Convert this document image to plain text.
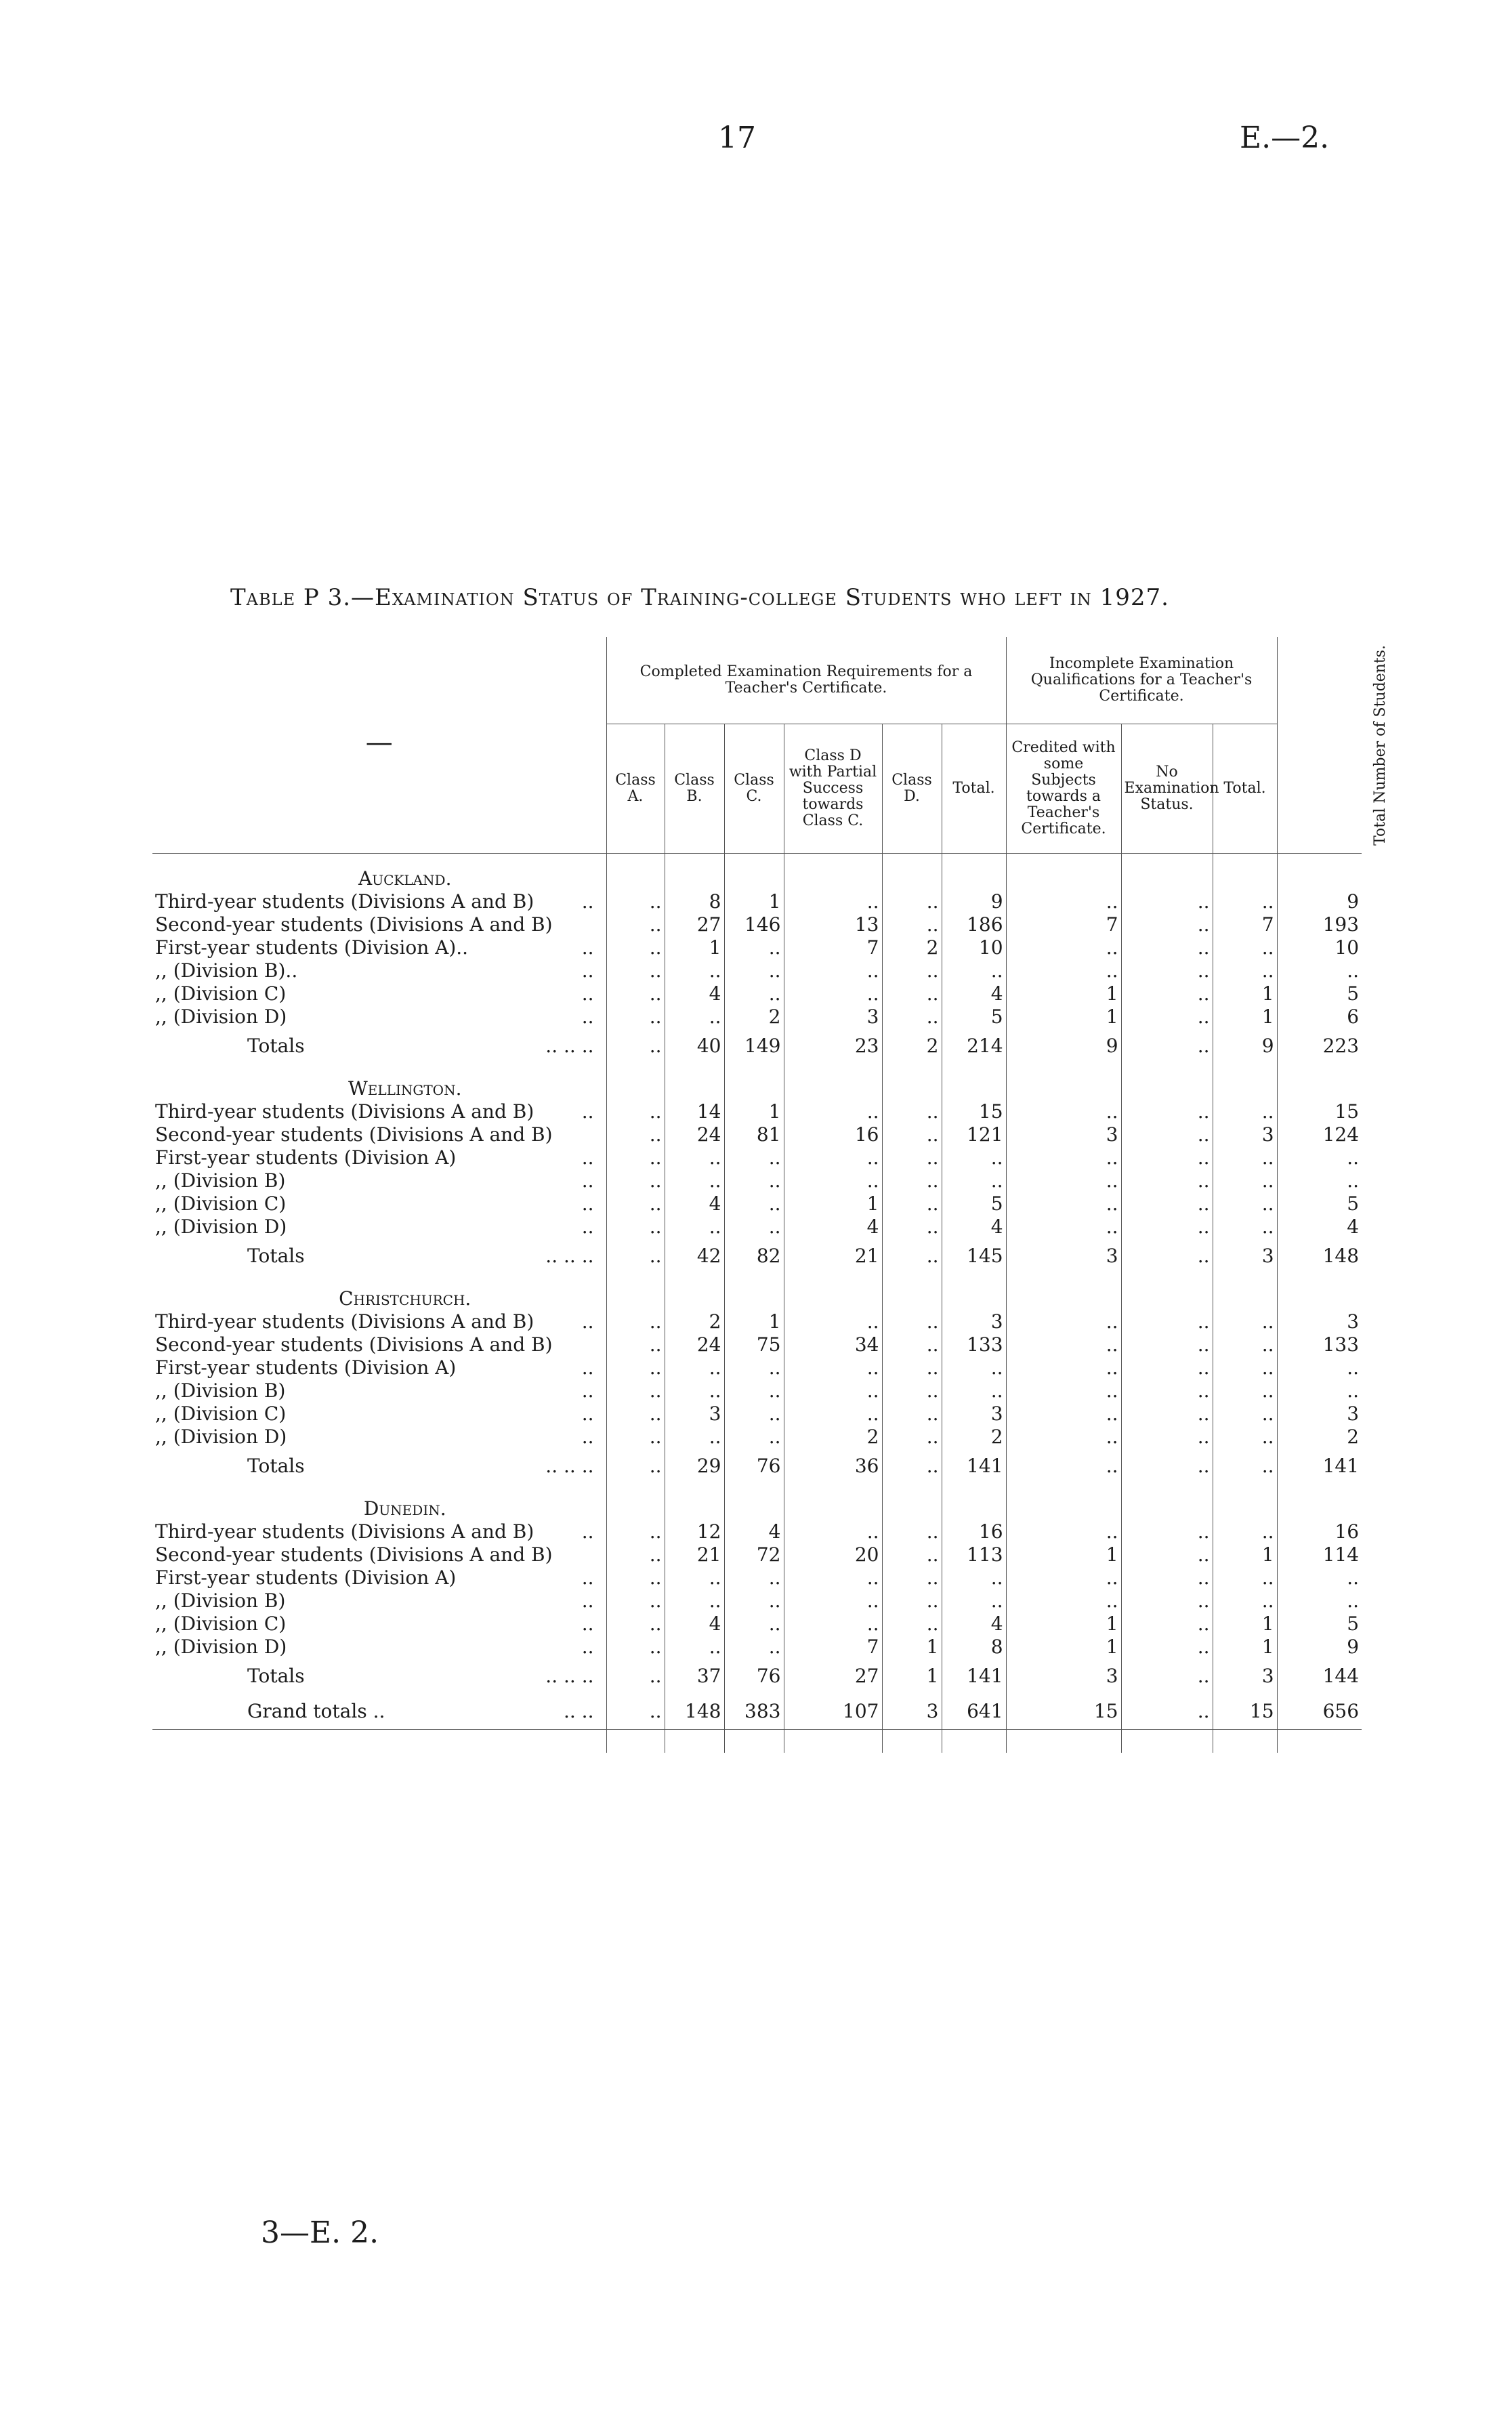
17	E.—2.
Table P 3.—Examination Status of Training-college Students who left in 1927.
—	Completed Examination Requirements for a Teacher's Certificate.						Incomplete Examination Qualifications for a Teacher's Certificate.			Total Number of Students.
	Class A.	Class B.	Class C.	Class D with Partial Success towards Class C.	Class D.	Total.	Credited with some Subjects towards a Teacher's Certificate.	No Examination Status.	Total.	

Auckland.										
Third-year students (Divisions A and B) ..	..	8	1	..	..	9	..	..	..	9
Second-year students (Divisions A and B)	..	27	146	13	..	186	7	..	7	193
First-year students (Division A).. ..	..	1	..	7	2	10	..	..	..	10
,, (Division B).. ..	..	..	..	..	..	..	..	..	..	..
,, (Division C) ..	..	4	..	..	..	4	1	..	1	5
,, (Division D) ..	..	..	2	3	..	5	1	..	1	6
Totals .. .. ..	..	40	149	23	2	214	9	..	9	223

Wellington.										
Third-year students (Divisions A and B) ..	..	14	1	..	..	15	..	..	..	15
Second-year students (Divisions A and B)	..	24	81	16	..	121	3	..	3	124
First-year students (Division A) ..	..	..	..	..	..	..	..	..	..	..
,, (Division B) ..	..	..	..	..	..	..	..	..	..	..
,, (Division C) ..	..	4	..	1	..	5	..	..	..	5
,, (Division D) ..	..	..	..	4	..	4	..	..	..	4
Totals .. .. ..	..	42	82	21	..	145	3	..	3	148

Christchurch.										
Third-year students (Divisions A and B) ..	..	2	1	..	..	3	..	..	..	3
Second-year students (Divisions A and B)	..	24	75	34	..	133	..	..	..	133
First-year students (Division A) ..	..	..	..	..	..	..	..	..	..	..
,, (Division B) ..	..	..	..	..	..	..	..	..	..	..
,, (Division C) ..	..	3	..	..	..	3	..	..	..	3
,, (Division D) ..	..	..	..	2	..	2	..	..	..	2
Totals .. .. ..	..	29	76	36	..	141	..	..	..	141

Dunedin.										
Third-year students (Divisions A and B) ..	..	12	4	..	..	16	..	..	..	16
Second-year students (Divisions A and B)	..	21	72	20	..	113	1	..	1	114
First-year students (Division A) ..	..	..	..	..	..	..	..	..	..	..
,, (Division B) ..	..	..	..	..	..	..	..	..	..	..
,, (Division C) ..	..	4	..	..	..	4	1	..	1	5
,, (Division D) ..	..	..	..	7	1	8	1	..	1	9
Totals .. .. ..	..	37	76	27	1	141	3	..	3	144
Grand totals .. .. ..	..	148	383	107	3	641	15	..	15	656

3—E. 2.
